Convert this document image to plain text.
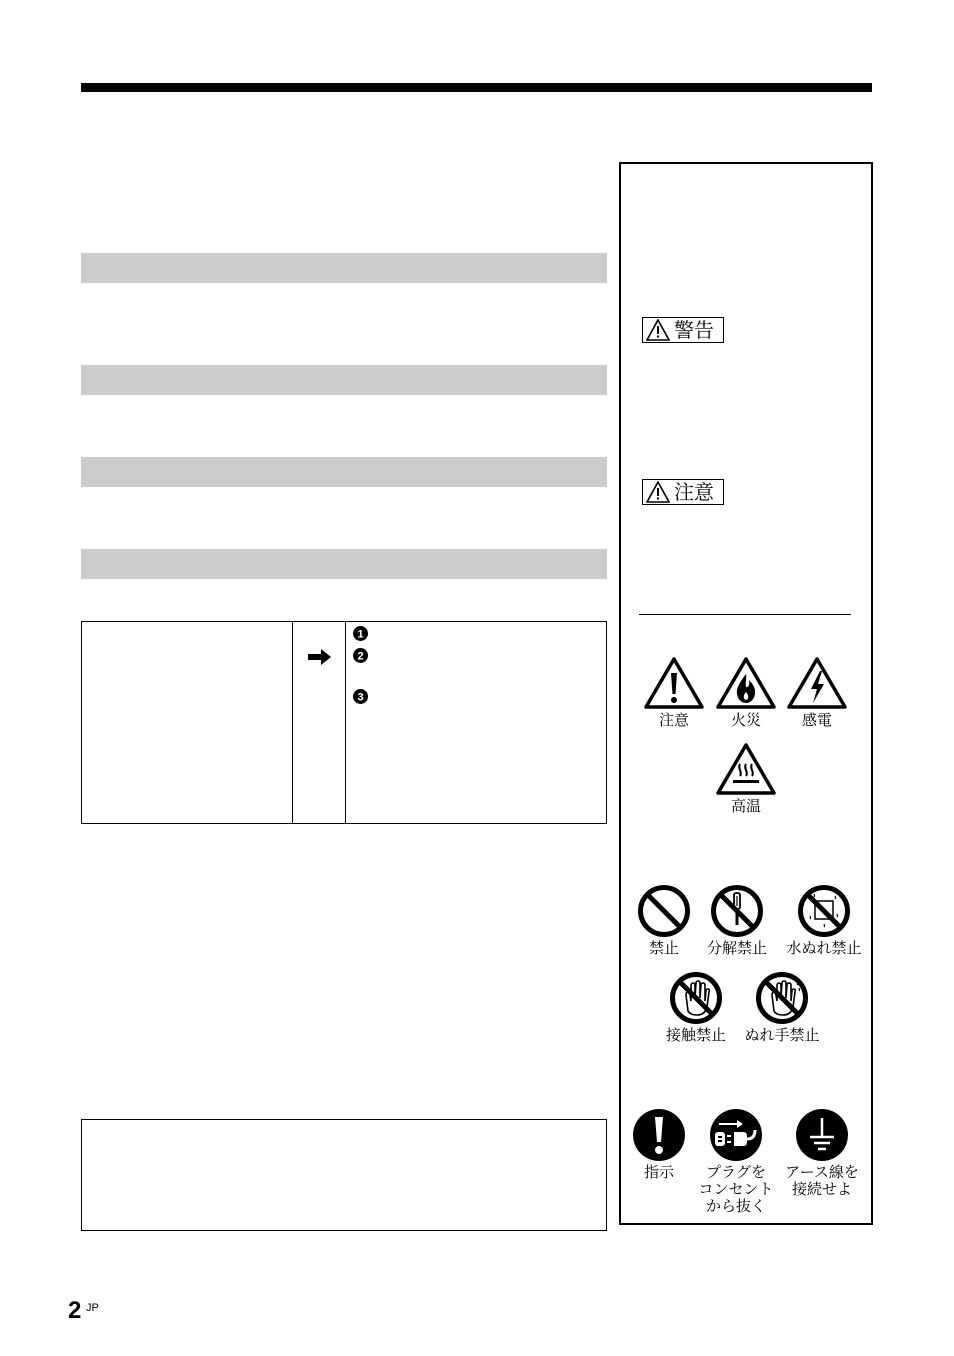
1
2
3
警告
注意
注意	火災	感電
高温
禁止	分解禁止	水ぬれ禁止
接触禁止	ぬれ手禁止
指示	プラグを
コンセント
から抜く
アース線を
接続せよ
2 JP
